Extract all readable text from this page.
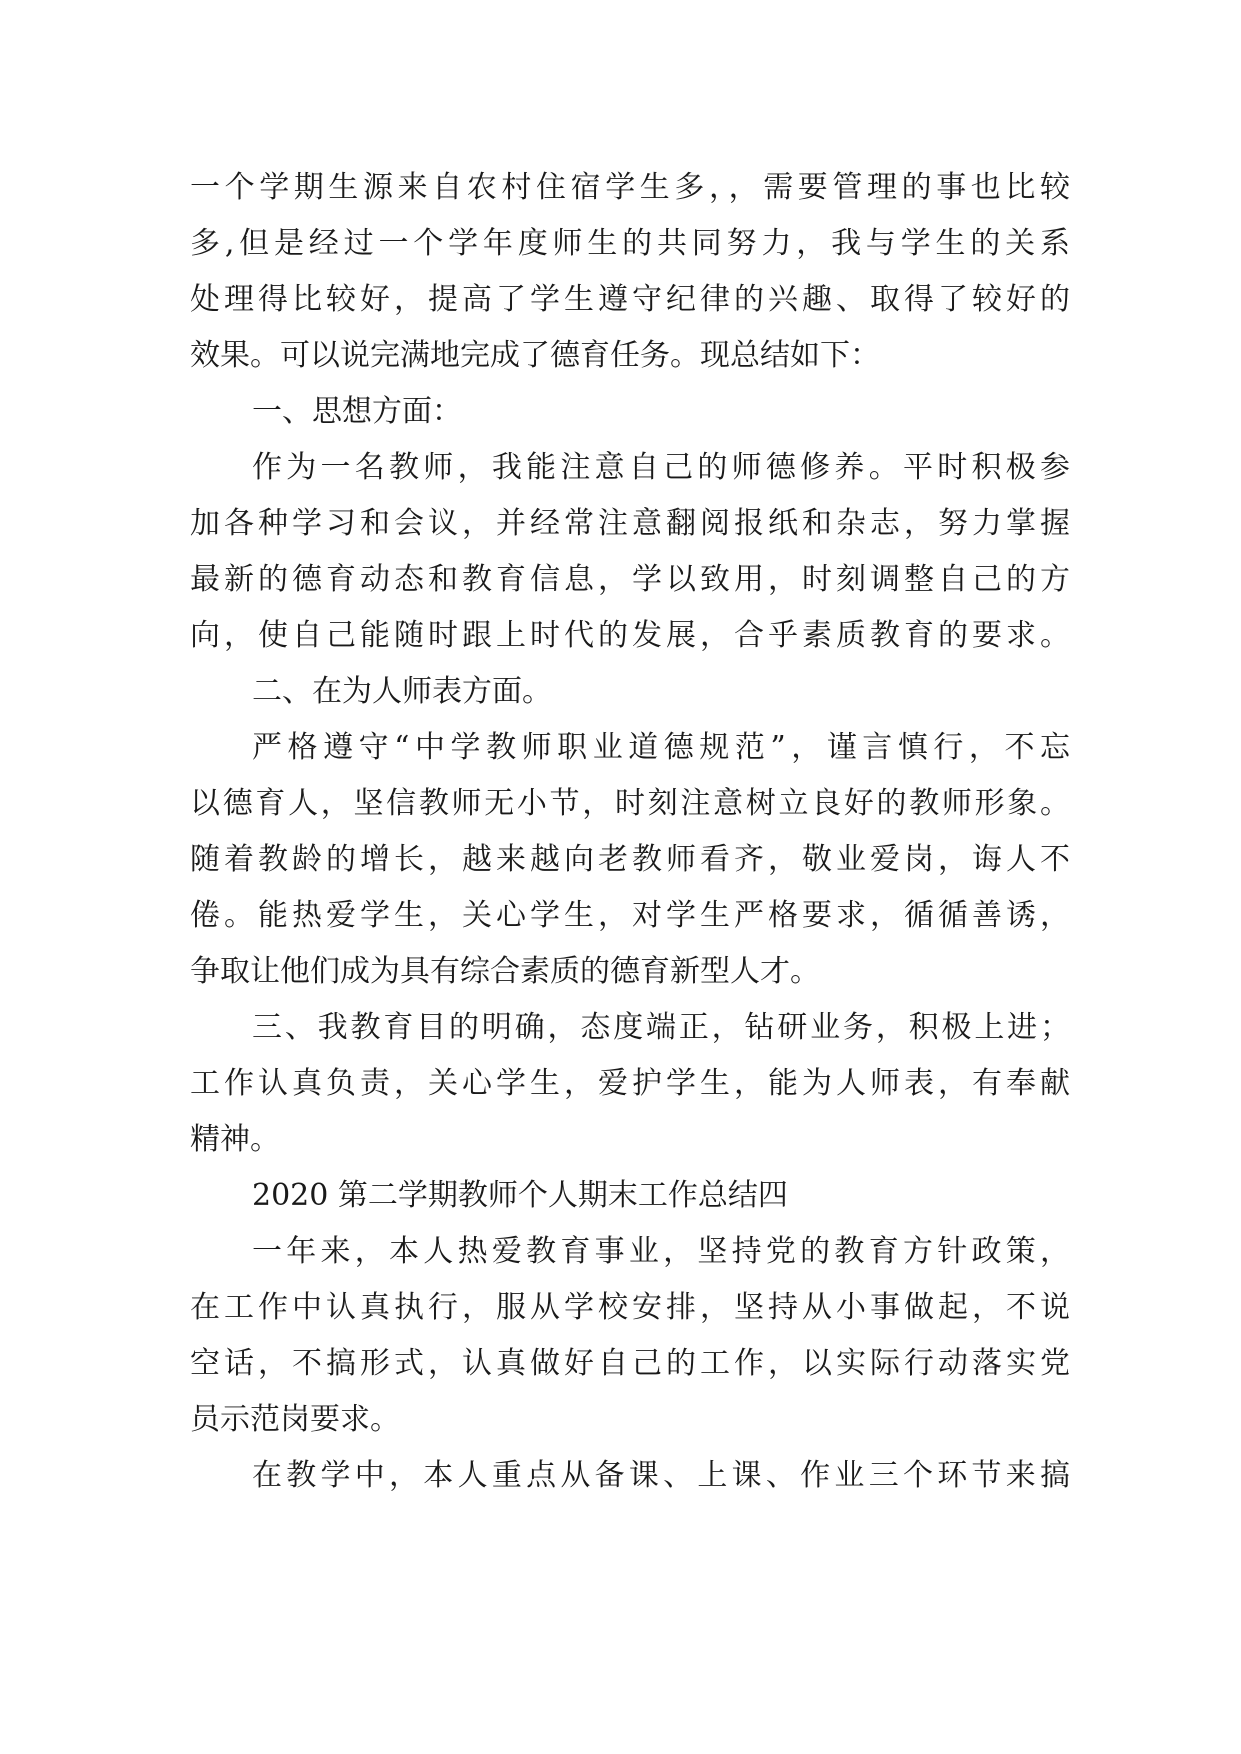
一个学期生源来自农村住宿学生多，，需要管理的事也比较
多,但是经过一个学年度师生的共同努力，我与学生的关系
处理得比较好，提高了学生遵守纪律的兴趣、取得了较好的
效果。可以说完满地完成了德育任务。现总结如下：
一、思想方面：
作为一名教师，我能注意自己的师德修养。平时积极参
加各种学习和会议，并经常注意翻阅报纸和杂志，努力掌握
最新的德育动态和教育信息，学以致用，时刻调整自己的方
向，使自己能随时跟上时代的发展，合乎素质教育的要求。
二、在为人师表方面。
严格遵守“中学教师职业道德规范”，谨言慎行，不忘
以德育人，坚信教师无小节，时刻注意树立良好的教师形象。
随着教龄的增长，越来越向老教师看齐，敬业爱岗，诲人不
倦。能热爱学生，关心学生，对学生严格要求，循循善诱，
争取让他们成为具有综合素质的德育新型人才。
三、我教育目的明确，态度端正，钻研业务，积极上进；
工作认真负责，关心学生，爱护学生，能为人师表，有奉献
精神。
2020 第二学期教师个人期末工作总结四
一年来，本人热爱教育事业，坚持党的教育方针政策，
在工作中认真执行，服从学校安排，坚持从小事做起，不说
空话，不搞形式，认真做好自己的工作，以实际行动落实党
员示范岗要求。
在教学中，本人重点从备课、上课、作业三个环节来搞
